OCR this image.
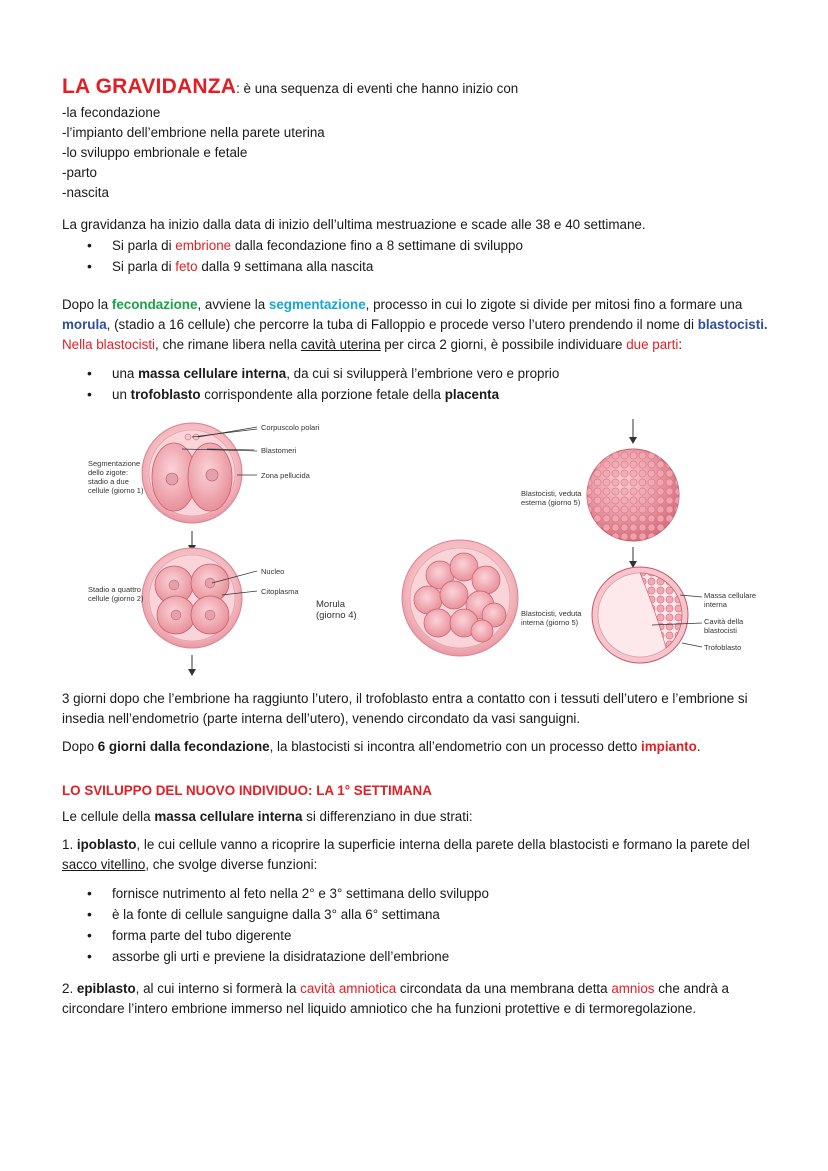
LA GRAVIDANZA: è una sequenza di eventi che hanno inizio con

-la fecondazione

-l’impianto dell’embrione nella parete uterina

-lo sviluppo embrionale e fetale

-parto

-nascita

La gravidanza ha inizio dalla data di inizio dell’ultima mestruazione e scade alle 38 e 40 settimane.

• Si parla di embrione dalla fecondazione fino a 8 settimane di sviluppo
• Si parla di feto dalla 9 settimana alla nascita

Dopo la fecondazione, avviene la segmentazione, processo in cui lo zigote si divide per mitosi fino a formare una morula, (stadio a 16 cellule) che percorre la tuba di Falloppio e procede verso l’utero prendendo il nome di blastocisti.

Nella blastocisti, che rimane libera nella cavità uterina per circa 2 giorni, è possibile individuare due parti:

• una massa cellulare interna, da cui si svilupperà l’embrione vero e proprio
• un trofoblasto corrispondente alla porzione fetale della placenta
Corpuscolo polari
Blastomeri
Zona pellucida
Segmentazione
dello zigote:
stadio a due
cellule (giorno 1)
Nucleo
Citoplasma
Stadio a quattro
cellule (giorno 2)
Morula
(giorno 4)
Blastocisti, veduta
esterna (giorno 5)
Blastocisti, veduta
interna (giorno 5)
Massa cellulare
interna
Cavità della
blastocisti
Trofoblasto

3 giorni dopo che l’embrione ha raggiunto l’utero, il trofoblasto entra a contatto con i tessuti dell’utero e l’embrione si insedia nell’endometrio (parte interna dell’utero), venendo circondato da vasi sanguigni.

Dopo 6 giorni dalla fecondazione, la blastocisti si incontra all’endometrio con un processo detto impianto.

LO SVILUPPO DEL NUOVO INDIVIDUO: LA 1° SETTIMANA

Le cellule della massa cellulare interna si differenziano in due strati:

1. ipoblasto, le cui cellule vanno a ricoprire la superficie interna della parete della blastocisti e formano la parete del sacco vitellino, che svolge diverse funzioni:

• fornisce nutrimento al feto nella 2° e 3° settimana dello sviluppo
• è la fonte di cellule sanguigne dalla 3° alla 6° settimana
• forma parte del tubo digerente
• assorbe gli urti e previene la disidratazione dell’embrione

2. epiblasto, al cui interno si formerà la cavità amniotica circondata da una membrana detta amnios che andrà a circondare l’intero embrione immerso nel liquido amniotico che ha funzioni protettive e di termoregolazione.
